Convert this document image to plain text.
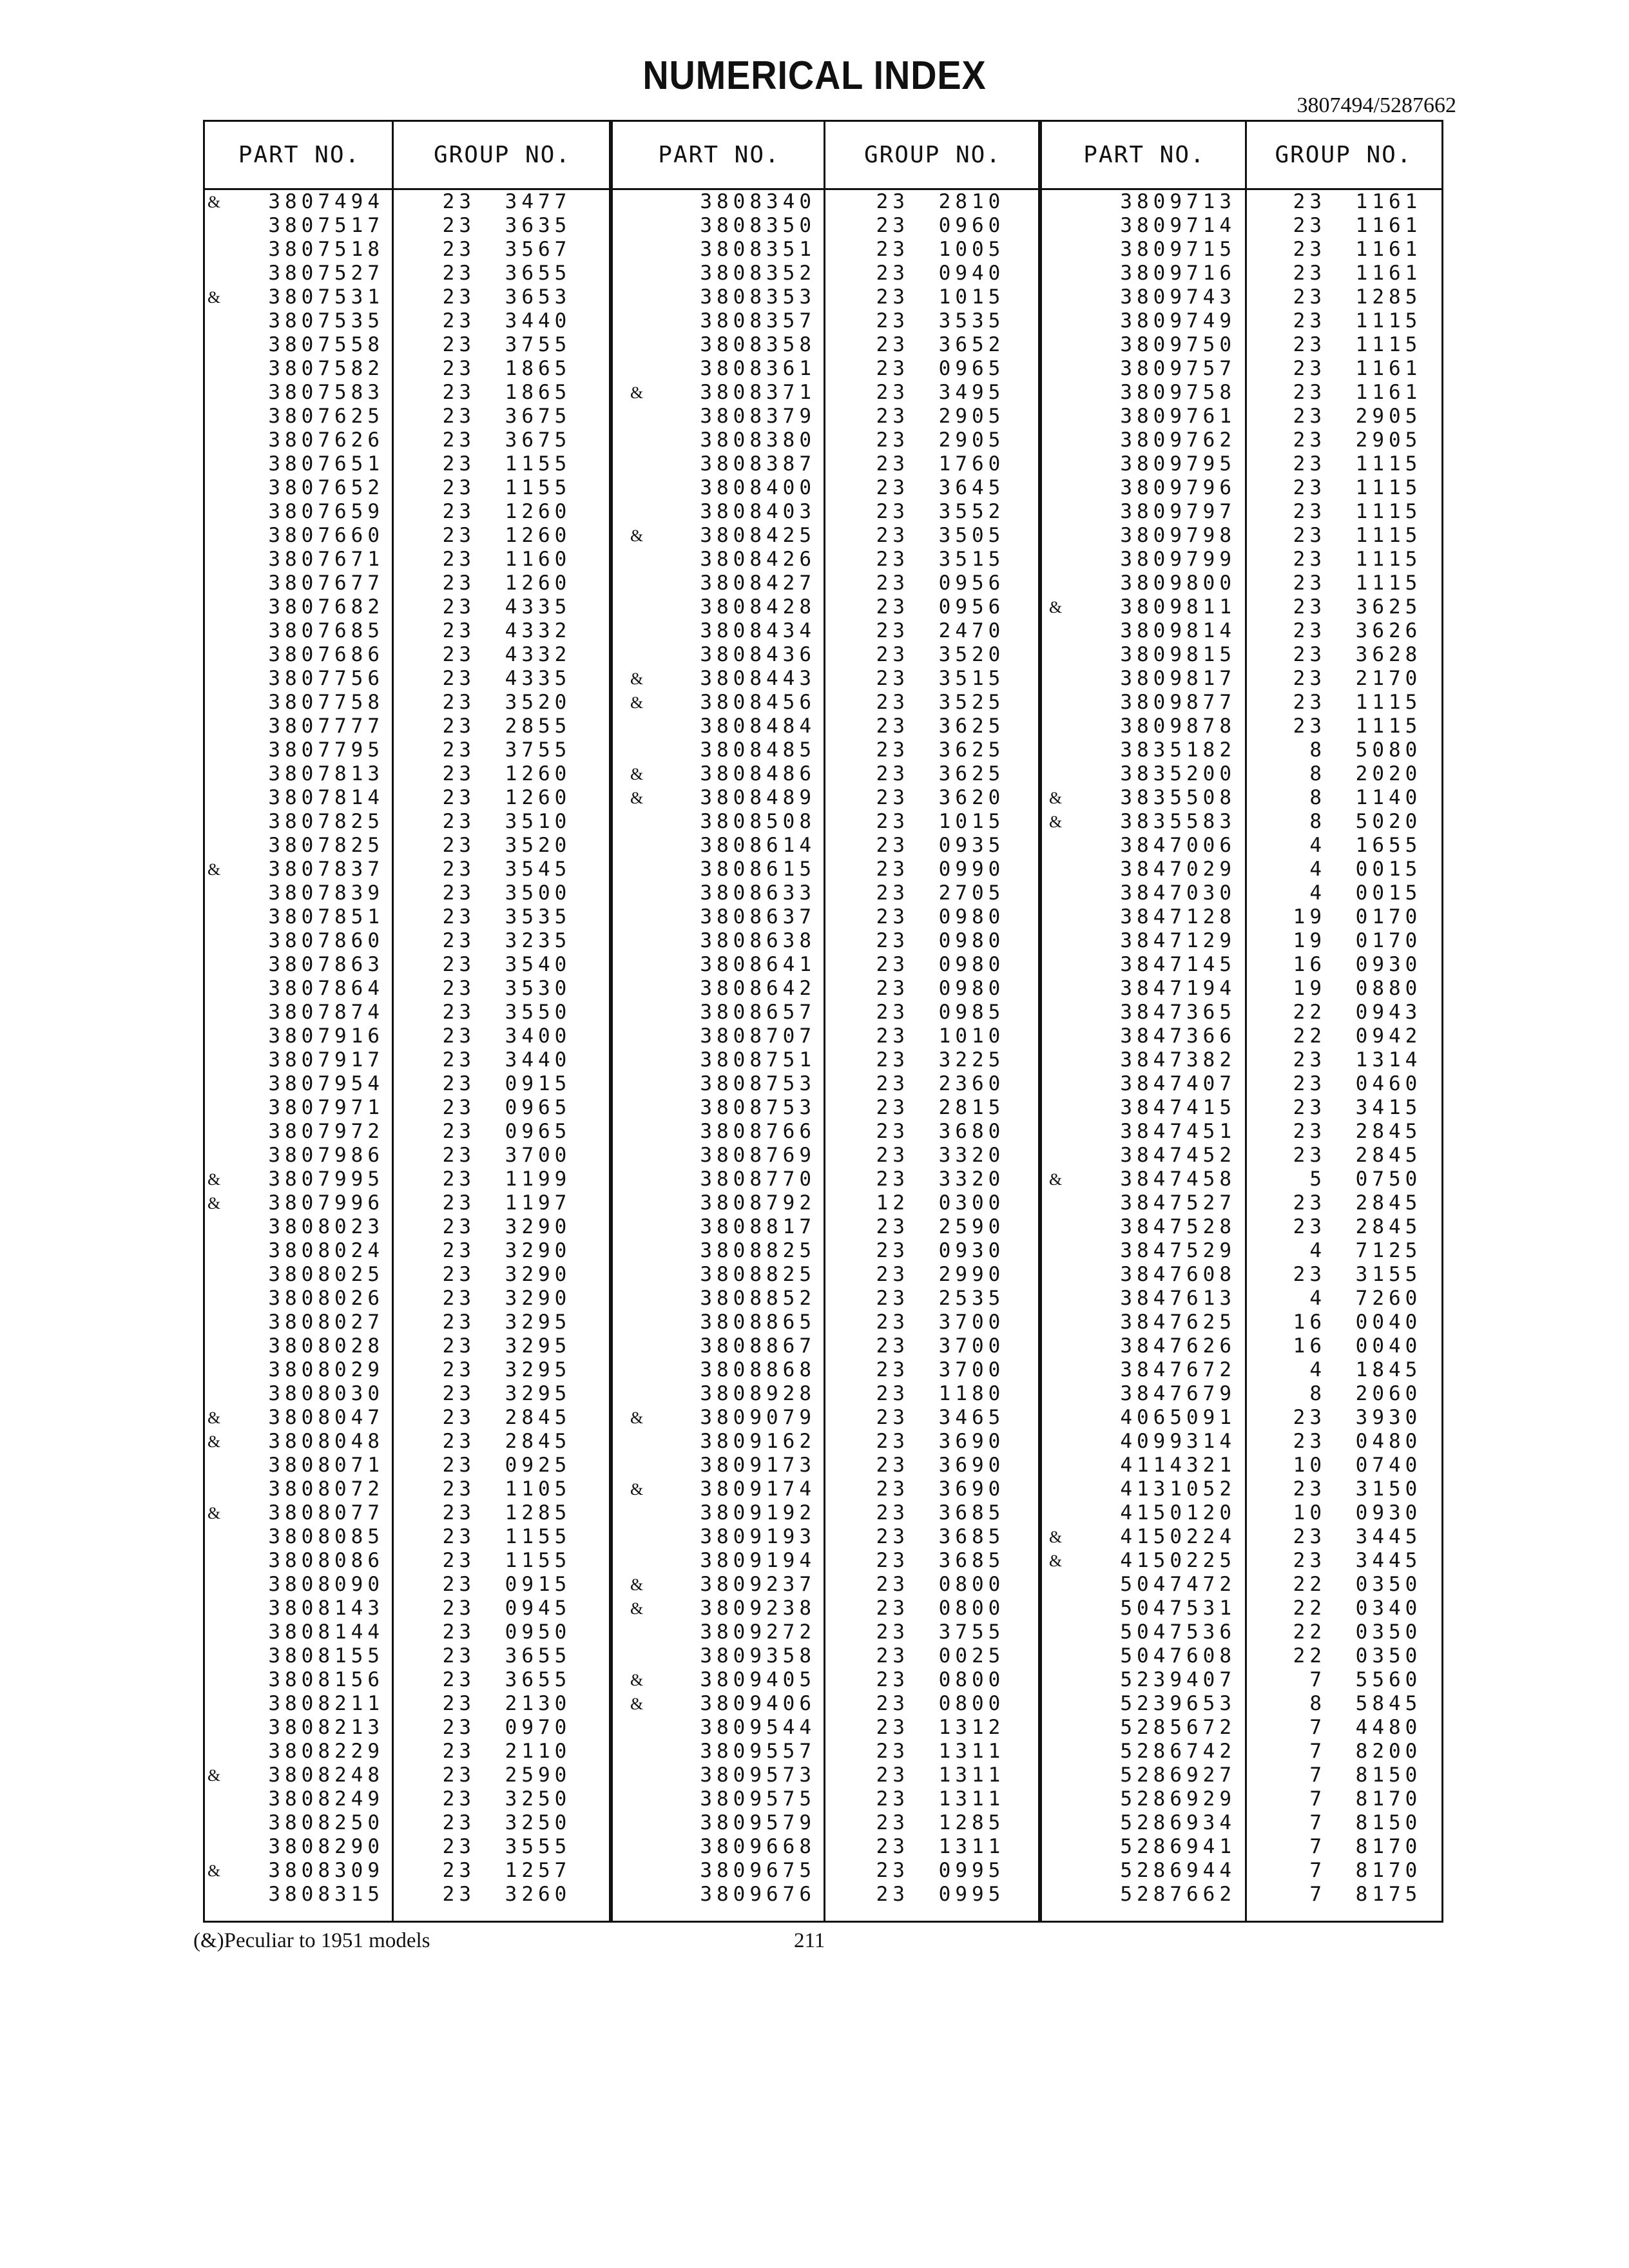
NUMERICAL INDEX
3807494/5287662
PART NO.	GROUP NO.	PART NO.	GROUP NO.	PART NO.	GROUP NO.
&	3807494	23 3477
3807517	23 3635
3807518	23 3567
3807527	23 3655
&	3807531	23 3653
3807535	23 3440
3807558	23 3755
3807582	23 1865
3807583	23 1865
3807625	23 3675
3807626	23 3675
3807651	23 1155
3807652	23 1155
3807659	23 1260
3807660	23 1260
3807671	23 1160
3807677	23 1260
3807682	23 4335
3807685	23 4332
3807686	23 4332
3807756	23 4335
3807758	23 3520
3807777	23 2855
3807795	23 3755
3807813	23 1260
3807814	23 1260
3807825	23 3510
3807825	23 3520
&	3807837	23 3545
3807839	23 3500
3807851	23 3535
3807860	23 3235
3807863	23 3540
3807864	23 3530
3807874	23 3550
3807916	23 3400
3807917	23 3440
3807954	23 0915
3807971	23 0965
3807972	23 0965
3807986	23 3700
&	3807995	23 1199
&	3807996	23 1197
3808023	23 3290
3808024	23 3290
3808025	23 3290
3808026	23 3290
3808027	23 3295
3808028	23 3295
3808029	23 3295
3808030	23 3295
&	3808047	23 2845
&	3808048	23 2845
3808071	23 0925
3808072	23 1105
&	3808077	23 1285
3808085	23 1155
3808086	23 1155
3808090	23 0915
3808143	23 0945
3808144	23 0950
3808155	23 3655
3808156	23 3655
3808211	23 2130
3808213	23 0970
3808229	23 2110
&	3808248	23 2590
3808249	23 3250
3808250	23 3250
3808290	23 3555
&	3808309	23 1257
3808315	23 3260
3808340	23 2810
3808350	23 0960
3808351	23 1005
3808352	23 0940
3808353	23 1015
3808357	23 3535
3808358	23 3652
3808361	23 0965
&	3808371	23 3495
3808379	23 2905
3808380	23 2905
3808387	23 1760
3808400	23 3645
3808403	23 3552
&	3808425	23 3505
3808426	23 3515
3808427	23 0956
3808428	23 0956
3808434	23 2470
3808436	23 3520
&	3808443	23 3515
&	3808456	23 3525
3808484	23 3625
3808485	23 3625
&	3808486	23 3625
&	3808489	23 3620
3808508	23 1015
3808614	23 0935
3808615	23 0990
3808633	23 2705
3808637	23 0980
3808638	23 0980
3808641	23 0980
3808642	23 0980
3808657	23 0985
3808707	23 1010
3808751	23 3225
3808753	23 2360
3808753	23 2815
3808766	23 3680
3808769	23 3320
3808770	23 3320
3808792	12 0300
3808817	23 2590
3808825	23 0930
3808825	23 2990
3808852	23 2535
3808865	23 3700
3808867	23 3700
3808868	23 3700
3808928	23 1180
&	3809079	23 3465
3809162	23 3690
3809173	23 3690
&	3809174	23 3690
3809192	23 3685
3809193	23 3685
3809194	23 3685
&	3809237	23 0800
&	3809238	23 0800
3809272	23 3755
3809358	23 0025
&	3809405	23 0800
&	3809406	23 0800
3809544	23 1312
3809557	23 1311
3809573	23 1311
3809575	23 1311
3809579	23 1285
3809668	23 1311
3809675	23 0995
3809676	23 0995
3809713	23 1161
3809714	23 1161
3809715	23 1161
3809716	23 1161
3809743	23 1285
3809749	23 1115
3809750	23 1115
3809757	23 1161
3809758	23 1161
3809761	23 2905
3809762	23 2905
3809795	23 1115
3809796	23 1115
3809797	23 1115
3809798	23 1115
3809799	23 1115
3809800	23 1115
&	3809811	23 3625
3809814	23 3626
3809815	23 3628
3809817	23 2170
3809877	23 1115
3809878	23 1115
3835182	8 5080
3835200	8 2020
&	3835508	8 1140
&	3835583	8 5020
3847006	4 1655
3847029	4 0015
3847030	4 0015
3847128	19 0170
3847129	19 0170
3847145	16 0930
3847194	19 0880
3847365	22 0943
3847366	22 0942
3847382	23 1314
3847407	23 0460
3847415	23 3415
3847451	23 2845
3847452	23 2845
&	3847458	5 0750
3847527	23 2845
3847528	23 2845
3847529	4 7125
3847608	23 3155
3847613	4 7260
3847625	16 0040
3847626	16 0040
3847672	4 1845
3847679	8 2060
4065091	23 3930
4099314	23 0480
4114321	10 0740
4131052	23 3150
4150120	10 0930
&	4150224	23 3445
&	4150225	23 3445
5047472	22 0350
5047531	22 0340
5047536	22 0350
5047608	22 0350
5239407	7 5560
5239653	8 5845
5285672	7 4480
5286742	7 8200
5286927	7 8150
5286929	7 8170
5286934	7 8150
5286941	7 8170
5286944	7 8170
5287662	7 8175
(&)Peculiar to 1951 models	211
